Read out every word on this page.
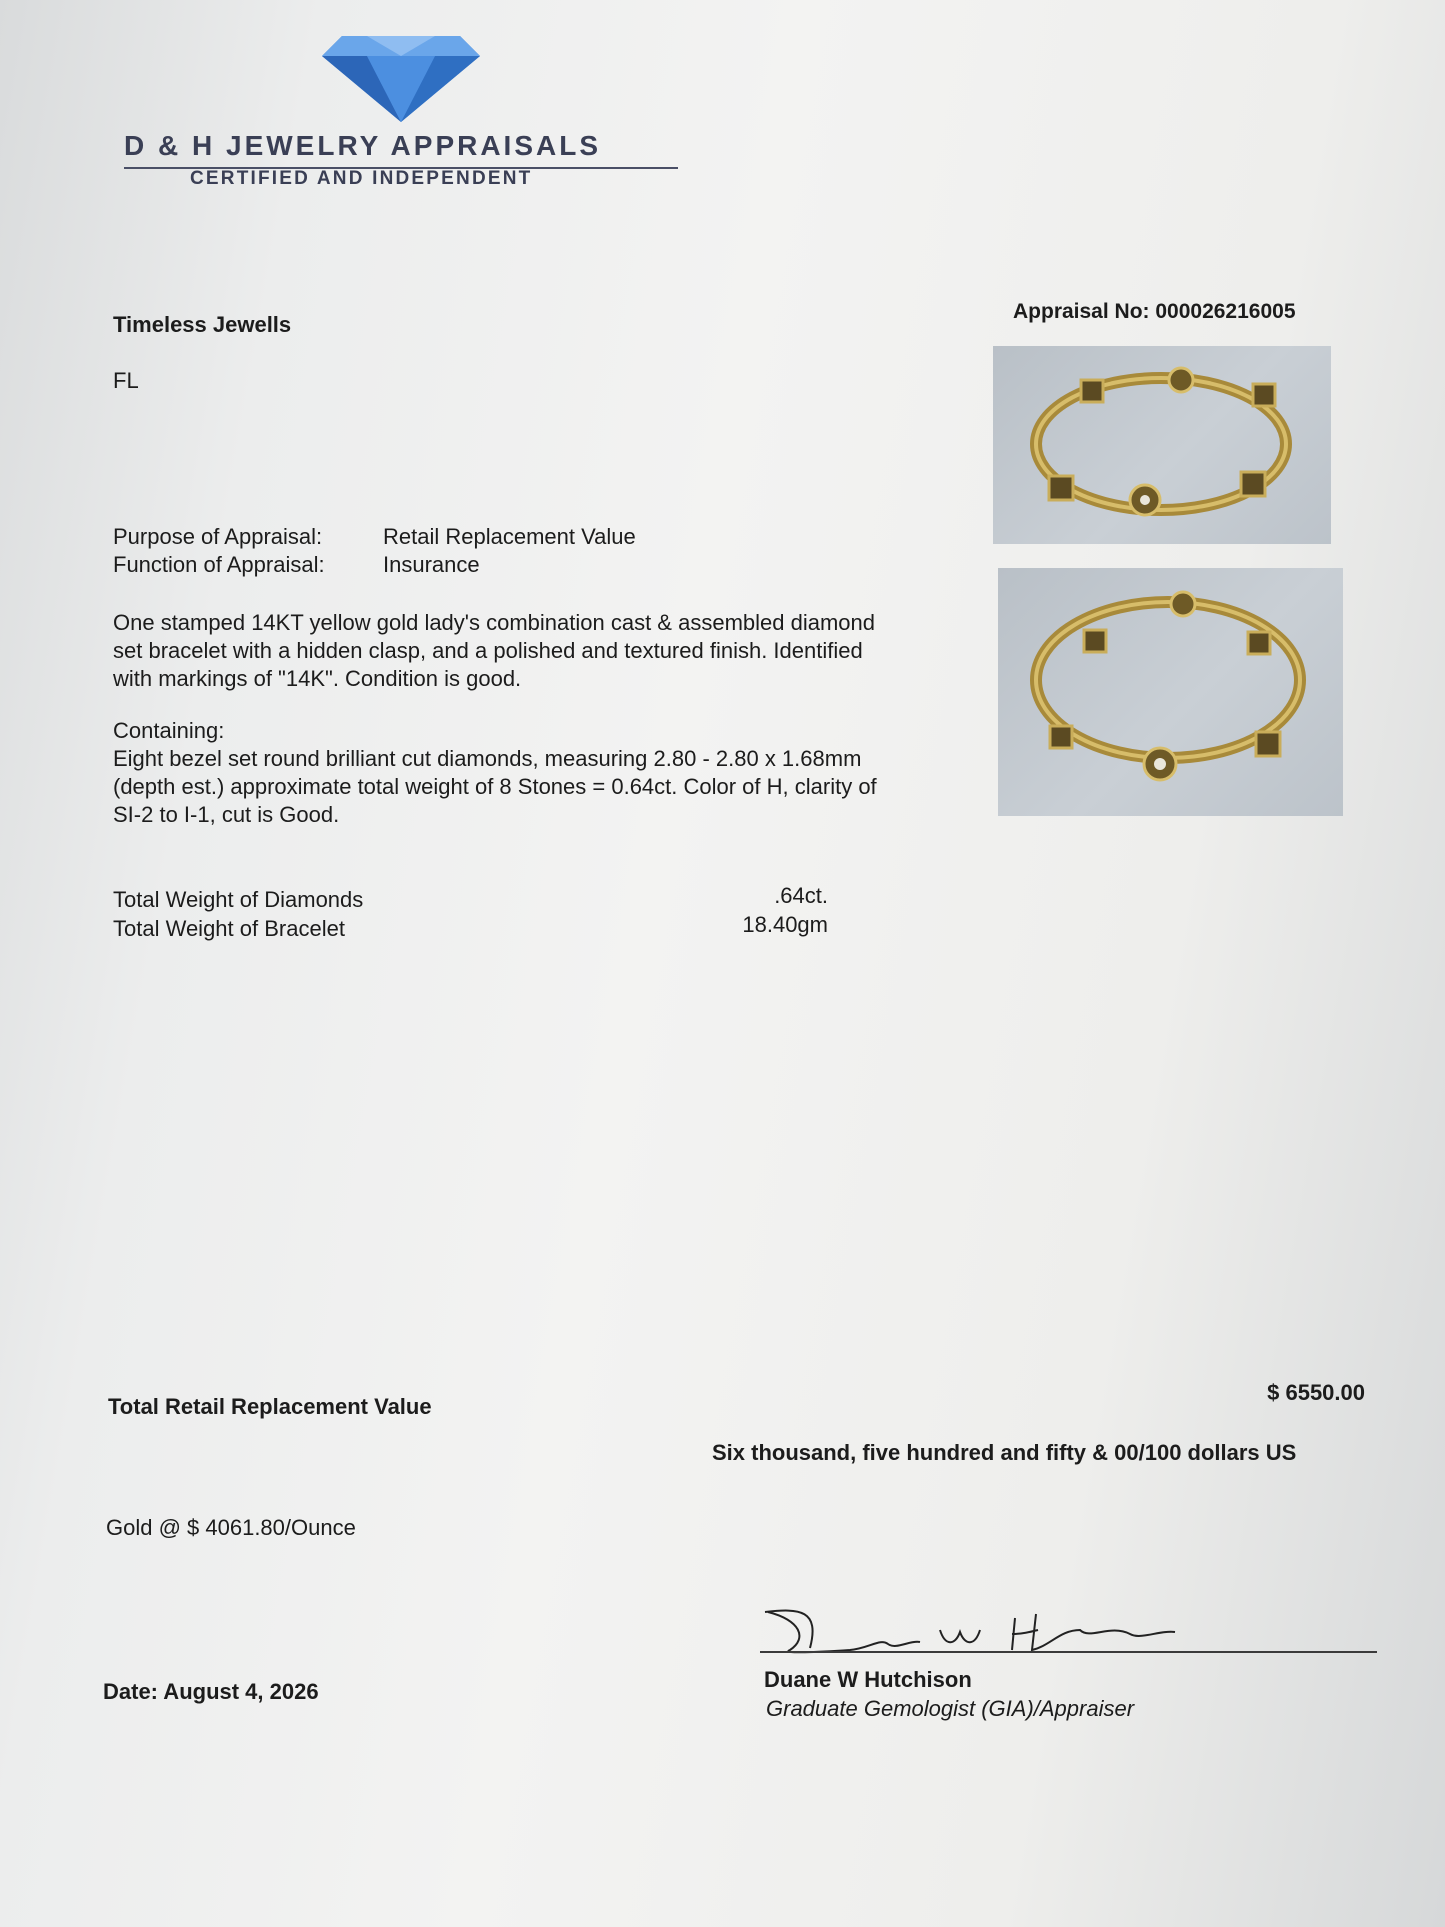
D & H JEWELRY APPRAISALS
CERTIFIED AND INDEPENDENT
Timeless Jewells
FL
Appraisal No: 000026216005
Purpose of Appraisal:	Retail Replacement Value
Function of Appraisal:	Insurance
One stamped 14KT yellow gold lady's combination cast & assembled diamond
set bracelet with a hidden clasp, and a polished and textured finish. Identified
with markings of "14K". Condition is good.
Containing:
Eight bezel set round brilliant cut diamonds, measuring 2.80 - 2.80 x 1.68mm
(depth est.) approximate total weight of 8 Stones = 0.64ct. Color of H, clarity of
SI-2 to I-1, cut is Good.
Total Weight of Diamonds	.64ct.
Total Weight of Bracelet	18.40gm
Total Retail Replacement Value
$ 6550.00
Six thousand, five hundred and fifty & 00/100 dollars US
Gold @ $ 4061.80/Ounce
Date: August 4, 2026	Duane W Hutchison
Graduate Gemologist (GIA)/Appraiser
